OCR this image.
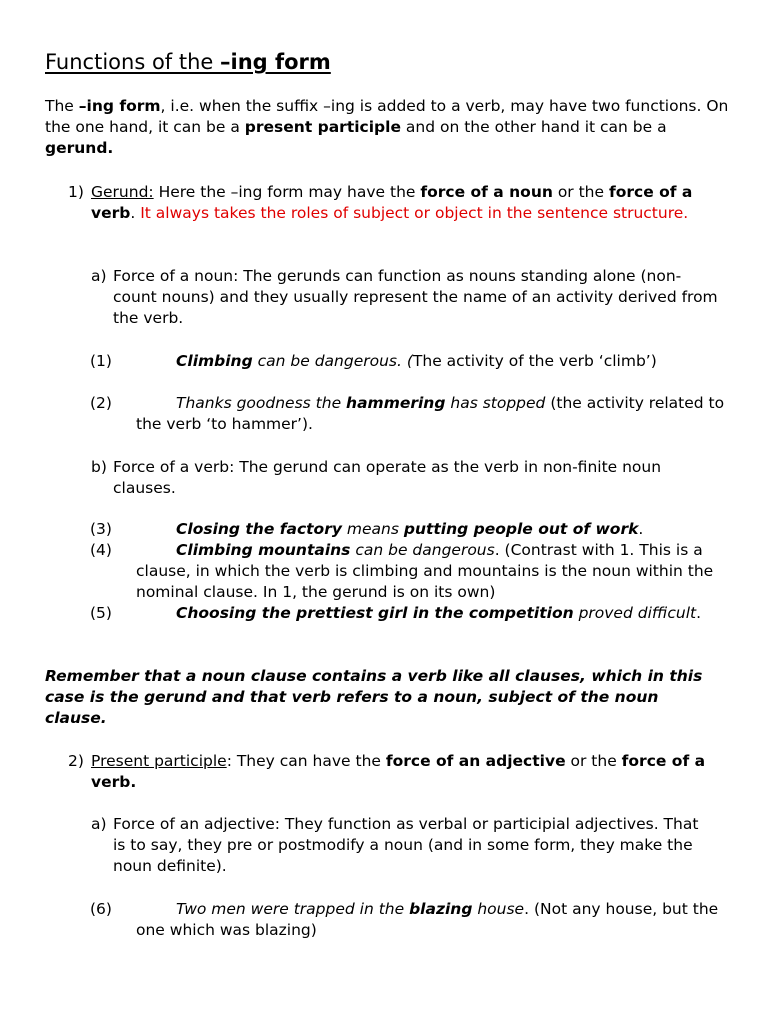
Functions of the –ing form

The –ing form, i.e. when the suffix –ing is added to a verb, may have two functions. On the one hand, it can be a present participle and on the other hand it can be a gerund.

1) Gerund: Here the –ing form may have the force of a noun or the force of a verb. It always takes the roles of subject or object in the sentence structure.

a) Force of a noun: The gerunds can function as nouns standing alone (non-count nouns) and they usually represent the name of an activity derived from the verb.

(1)	Climbing can be dangerous. (The activity of the verb ‘climb’)

(2)	Thanks goodness the hammering has stopped (the activity related to the verb ‘to hammer’).

b) Force of a verb: The gerund can operate as the verb in non-finite noun clauses.

(3)	Closing the factory means putting people out of work.

(4)	Climbing mountains can be dangerous. (Contrast with 1. This is a clause, in which the verb is climbing and mountains is the noun within the nominal clause. In 1, the gerund is on its own)

(5)	Choosing the prettiest girl in the competition proved difficult.

Remember that a noun clause contains a verb like all clauses, which in this case is the gerund and that verb refers to a noun, subject of the noun clause.

2) Present participle: They can have the force of an adjective or the force of a verb.

a) Force of an adjective: They function as verbal or participial adjectives. That is to say, they pre or postmodify a noun (and in some form, they make the noun definite).

(6)	Two men were trapped in the blazing house. (Not any house, but the one which was blazing)
